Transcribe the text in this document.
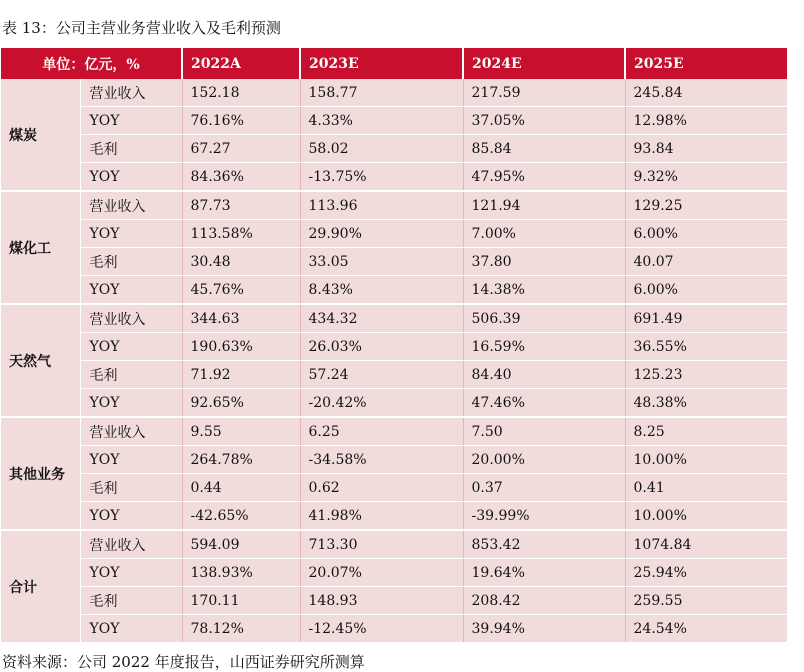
表 13：公司主营业务营业收入及毛利预测
单位：亿元，%		2022A	2023E	2024E	2025E
煤炭	营业收入	152.18	158.77	217.59	245.84
	YOY	76.16%	4.33%	37.05%	12.98%
	毛利	67.27	58.02	85.84	93.84
	YOY	84.36%	-13.75%	47.95%	9.32%
煤化工	营业收入	87.73	113.96	121.94	129.25
	YOY	113.58%	29.90%	7.00%	6.00%
	毛利	30.48	33.05	37.80	40.07
	YOY	45.76%	8.43%	14.38%	6.00%
天然气	营业收入	344.63	434.32	506.39	691.49
	YOY	190.63%	26.03%	16.59%	36.55%
	毛利	71.92	57.24	84.40	125.23
	YOY	92.65%	-20.42%	47.46%	48.38%
其他业务	营业收入	9.55	6.25	7.50	8.25
	YOY	264.78%	-34.58%	20.00%	10.00%
	毛利	0.44	0.62	0.37	0.41
	YOY	-42.65%	41.98%	-39.99%	10.00%
合计	营业收入	594.09	713.30	853.42	1074.84
	YOY	138.93%	20.07%	19.64%	25.94%
	毛利	170.11	148.93	208.42	259.55
	YOY	78.12%	-12.45%	39.94%	24.54%
资料来源：公司 2022 年度报告，山西证券研究所测算
